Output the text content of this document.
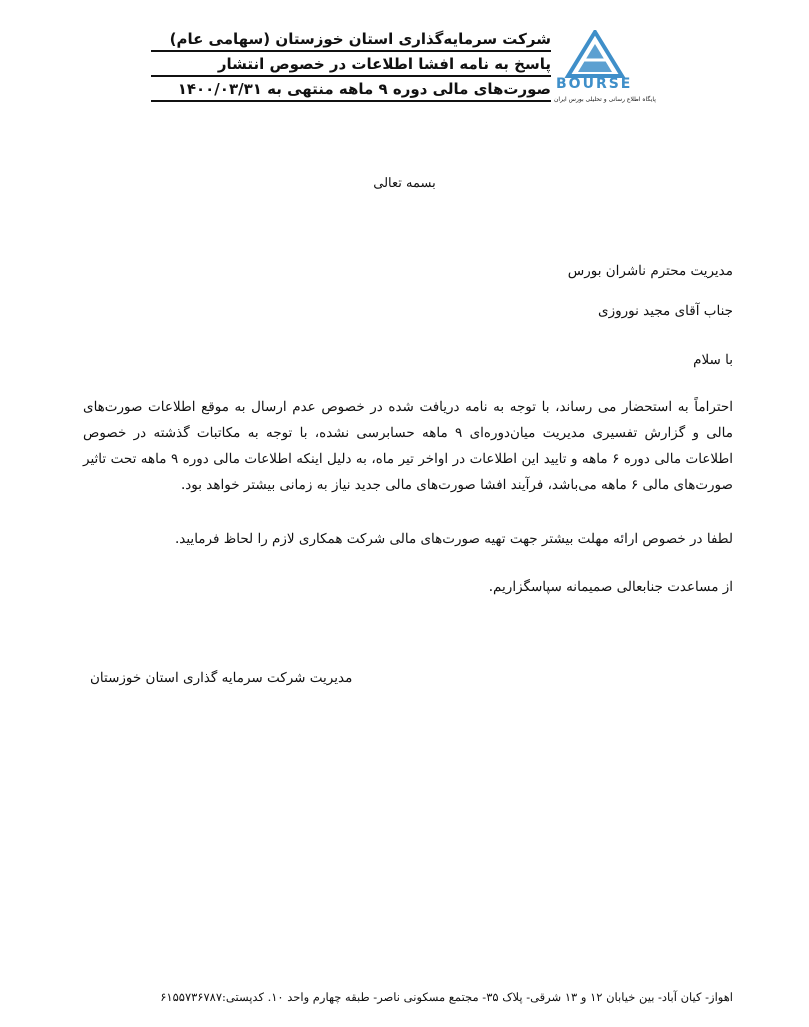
شرکت سرمایه‌گذاری استان خوزستان (سهامی عام)
پاسخ به نامه افشا اطلاعات در خصوص انتشار
صورت‌های مالی دوره ۹ ماهه منتهی به ۱۴۰۰/۰۳/۳۱ BOURSE
پایگاه اطلاع رسانی و تحلیلی بورس ایران
بسمه تعالی
مدیریت محترم ناشران بورس
جناب آقای مجید نوروزی
با سلام
احتراماً به استحضار می رساند، با توجه به نامه دریافت شده در خصوص عدم ارسال به موقع اطلاعات صورت‌های مالی و گزارش تفسیری مدیریت میان‌دوره‌ای ۹ ماهه حسابرسی نشده، با توجه به مکاتبات گذشته در خصوص اطلاعات مالی دوره ۶ ماهه و تایید این اطلاعات در اواخر تیر ماه، به دلیل اینکه اطلاعات مالی دوره ۹ ماهه تحت تاثیر صورت‌های مالی ۶ ماهه می‌باشد، فرآیند افشا صورت‌های مالی جدید نیاز به زمانی بیشتر خواهد بود.
لطفا در خصوص ارائه مهلت بیشتر جهت تهیه صورت‌های مالی شرکت همکاری لازم را لحاظ فرمایید.
از مساعدت جنابعالی صمیمانه سپاسگزاریم.
مدیریت شرکت سرمایه گذاری استان خوزستان
اهواز- کیان آباد- بین خیابان ۱۲ و ۱۳ شرقی- پلاک ۳۵- مجتمع مسکونی ناصر- طبقه چهارم واحد ۱۰. کدپستی:۶۱۵۵۷۳۶۷۸۷
